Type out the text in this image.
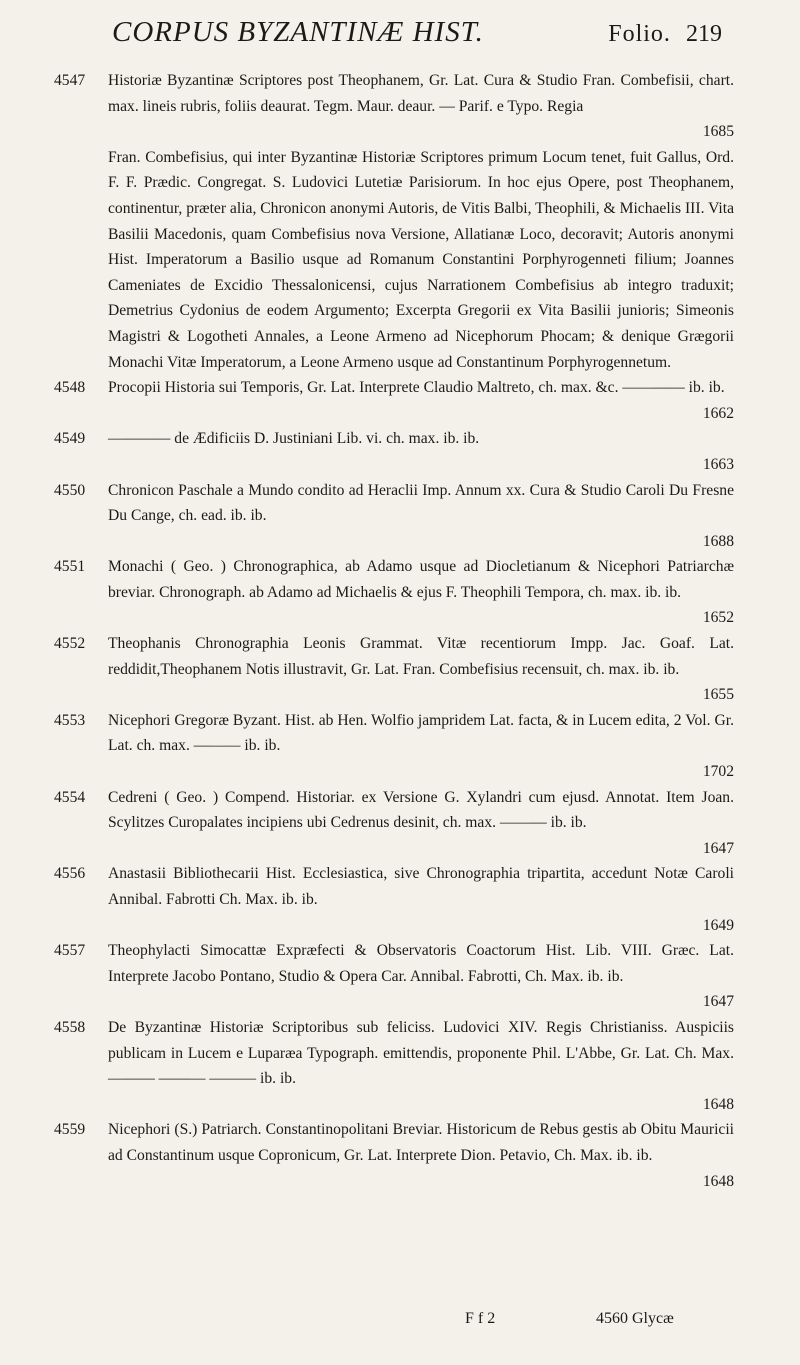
CORPUS BYZANTINÆ HIST.	Folio. 219
4547 Historiæ Byzantinæ Scriptores post Theophanem, Gr. Lat. Cura & Studio Fran. Combefisii, chart. max. lineis rubris, foliis deaurat. Tegm. Maur. deaur. — Parif. e Typo. Regia
1685
Fran. Combefisius, qui inter Byzantinæ Historiæ Scriptores primum Locum tenet, fuit Gallus, Ord. F. F. Prædic. Congregat. S. Ludovici Lutetiæ Parisiorum. In hoc ejus Opere, post Theophanem, continentur, præter alia, Chronicon anonymi Autoris, de Vitis Balbi, Theophili, & Michaelis III. Vita Basilii Macedonis, quam Combefisius nova Versione, Allatianæ Loco, decoravit; Autoris anonymi Hist. Imperatorum a Basilio usque ad Romanum Constantini Porphyrogenneti filium; Joannes Cameniates de Excidio Thessalonicensi, cujus Narrationem Combefisius ab integro traduxit; Demetrius Cydonius de eodem Argumento; Excerpta Gregorii ex Vita Basilii junioris; Simeonis Magistri & Logotheti Annales, a Leone Armeno ad Nicephorum Phocam; & denique Grægorii Monachi Vitæ Imperatorum, a Leone Armeno usque ad Constantinum Porphyrogennetum.
4548 Procopii Historia sui Temporis, Gr. Lat. Interprete Claudio Maltreto, ch. max. &c. ———— ib. ib.
1662
4549 ———— de Ædificiis D. Justiniani Lib. vi. ch. max. ib. ib.
1663
4550 Chronicon Paschale a Mundo condito ad Heraclii Imp. Annum xx. Cura & Studio Caroli Du Fresne Du Cange, ch. ead. ib. ib.
1688
4551 Monachi ( Geo. ) Chronographica, ab Adamo usque ad Diocletianum & Nicephori Patriarchæ breviar. Chronograph. ab Adamo ad Michaelis & ejus F. Theophili Tempora, ch. max. ib. ib.
1652
4552 Theophanis Chronographia Leonis Grammat. Vitæ recentiorum Impp. Jac. Goaf. Lat. reddidit,Theophanem Notis illustravit, Gr. Lat. Fran. Combefisius recensuit, ch. max. ib. ib.
1655
4553 Nicephori Gregoræ Byzant. Hist. ab Hen. Wolfio jampridem Lat. facta, & in Lucem edita, 2 Vol. Gr. Lat. ch. max. ——— ib. ib.
1702
4554 Cedreni ( Geo. ) Compend. Historiar. ex Versione G. Xylandri cum ejusd. Annotat. Item Joan. Scylitzes Curopalates incipiens ubi Cedrenus desinit, ch. max. ——— ib. ib.
1647
4556 Anastasii Bibliothecarii Hist. Ecclesiastica, sive Chronographia tripartita, accedunt Notæ Caroli Annibal. Fabrotti Ch. Max. ib. ib.
1649
4557 Theophylacti Simocattæ Expræfecti & Observatoris Coactorum Hist. Lib. VIII. Græc. Lat. Interprete Jacobo Pontano, Studio & Opera Car. Annibal. Fabrotti, Ch. Max. ib. ib.
1647
4558 De Byzantinæ Historiæ Scriptoribus sub feliciss. Ludovici XIV. Regis Christianiss. Auspiciis publicam in Lucem e Luparæa Typograph. emittendis, proponente Phil. L'Abbe, Gr. Lat. Ch. Max. ——— ——— ——— ib. ib.
1648
4559 Nicephori (S.) Patriarch. Constantinopolitani Breviar. Historicum de Rebus gestis ab Obitu Mauricii ad Constantinum usque Copronicum, Gr. Lat. Interprete Dion. Petavio, Ch. Max. ib. ib.
1648
F f 2	4560 Glycæ
